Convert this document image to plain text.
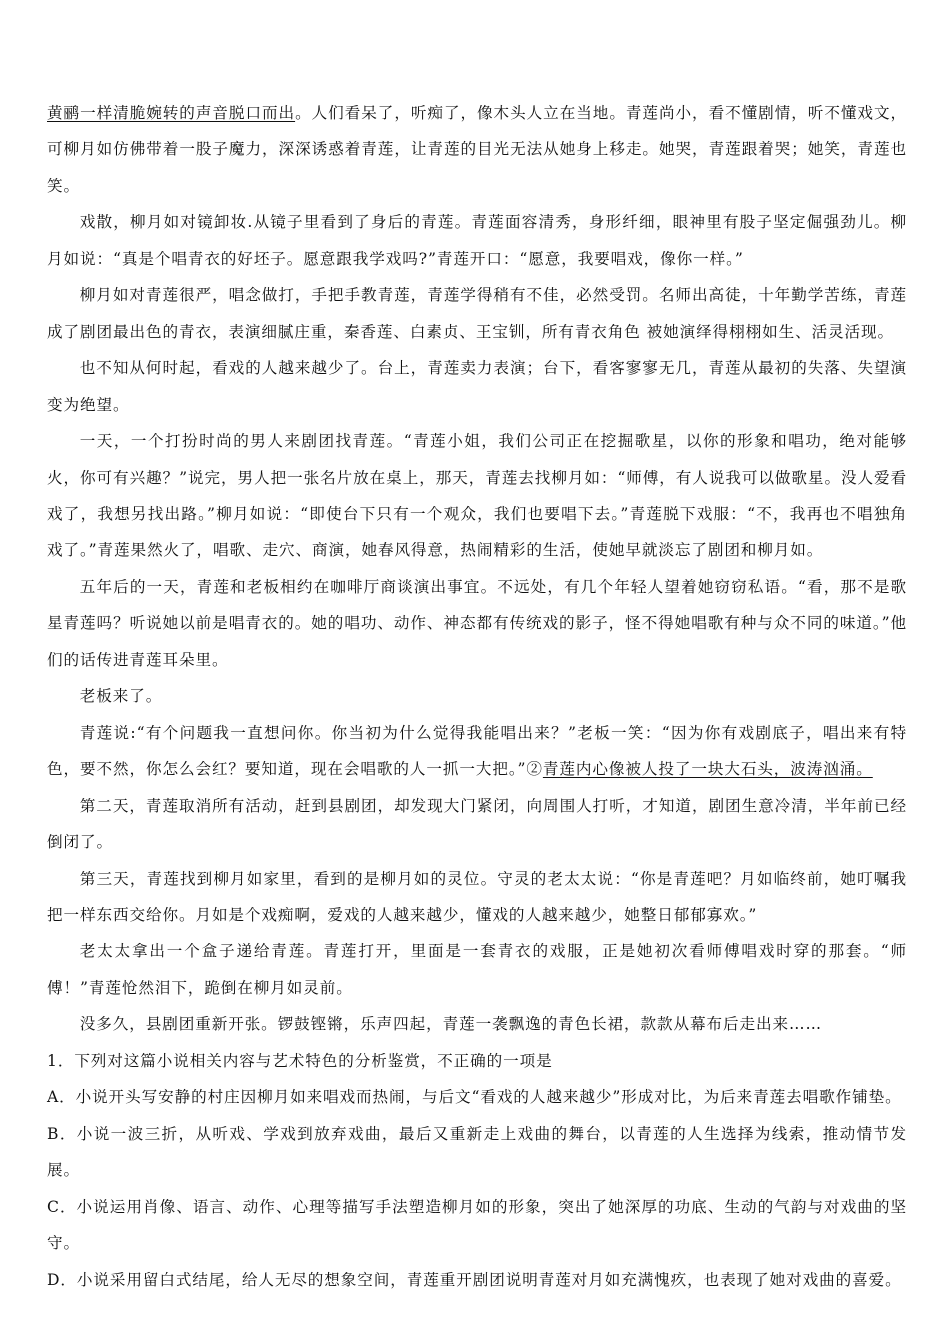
黄鹂一样清脆婉转的声音脱口而出。人们看呆了，听痴了，像木头人立在当地。青莲尚小，看不懂剧情，听不懂戏文，可柳月如仿佛带着一股子魔力，深深诱惑着青莲，让青莲的目光无法从她身上移走。她哭，青莲跟着哭；她笑，青莲也笑。

戏散，柳月如对镜卸妆.从镜子里看到了身后的青莲。青莲面容清秀，身形纤细，眼神里有股子坚定倔强劲儿。柳月如说：“真是个唱青衣的好坯子。愿意跟我学戏吗?”青莲开口：“愿意，我要唱戏，像你一样。”

柳月如对青莲很严，唱念做打，手把手教青莲，青莲学得稍有不佳，必然受罚。名师出高徒，十年勤学苦练，青莲成了剧团最出色的青衣，表演细腻庄重，秦香莲、白素贞、王宝钏，所有青衣角色 被她演绎得栩栩如生、活灵活现。

也不知从何时起，看戏的人越来越少了。台上，青莲卖力表演；台下，看客寥寥无几，青莲从最初的失落、失望演变为绝望。

一天，一个打扮时尚的男人来剧团找青莲。“青莲小姐，我们公司正在挖掘歌星，以你的形象和唱功，绝对能够火，你可有兴趣？”说完，男人把一张名片放在桌上，那天，青莲去找柳月如：“师傅，有人说我可以做歌星。没人爱看戏了，我想另找出路。”柳月如说：“即使台下只有一个观众，我们也要唱下去。”青莲脱下戏服：“不，我再也不唱独角戏了。”青莲果然火了，唱歌、走穴、商演，她春风得意，热闹精彩的生活，使她早就淡忘了剧团和柳月如。

五年后的一天，青莲和老板相约在咖啡厅商谈演出事宜。不远处，有几个年轻人望着她窃窃私语。“看，那不是歌星青莲吗？听说她以前是唱青衣的。她的唱功、动作、神态都有传统戏的影子，怪不得她唱歌有种与众不同的味道。”他们的话传进青莲耳朵里。

老板来了。

青莲说:“有个问题我一直想问你。你当初为什么觉得我能唱出来？”老板一笑：“因为你有戏剧底子，唱出来有特色，要不然，你怎么会红？要知道，现在会唱歌的人一抓一大把。”②青莲内心像被人投了一块大石头，波涛汹涌。

第二天，青莲取消所有活动，赶到县剧团，却发现大门紧闭，向周围人打听，才知道，剧团生意冷清，半年前已经倒闭了。

第三天，青莲找到柳月如家里，看到的是柳月如的灵位。守灵的老太太说：“你是青莲吧？月如临终前，她叮嘱我把一样东西交给你。月如是个戏痴啊，爱戏的人越来越少，懂戏的人越来越少，她整日郁郁寡欢。”

老太太拿出一个盒子递给青莲。青莲打开，里面是一套青衣的戏服，正是她初次看师傅唱戏时穿的那套。“师傅！”青莲怆然泪下，跪倒在柳月如灵前。

没多久，县剧团重新开张。锣鼓铿锵，乐声四起，青莲一袭飘逸的青色长裙，款款从幕布后走出来……

1．下列对这篇小说相关内容与艺术特色的分析鉴赏，不正确的一项是

A．小说开头写安静的村庄因柳月如来唱戏而热闹，与后文“看戏的人越来越少”形成对比，为后来青莲去唱歌作铺垫。

B．小说一波三折，从听戏、学戏到放弃戏曲，最后又重新走上戏曲的舞台，以青莲的人生选择为线索，推动情节发展。

C．小说运用肖像、语言、动作、心理等描写手法塑造柳月如的形象，突出了她深厚的功底、生动的气韵与对戏曲的坚守。

D．小说采用留白式结尾，给人无尽的想象空间，青莲重开剧团说明青莲对月如充满愧疚，也表现了她对戏曲的喜爱。
